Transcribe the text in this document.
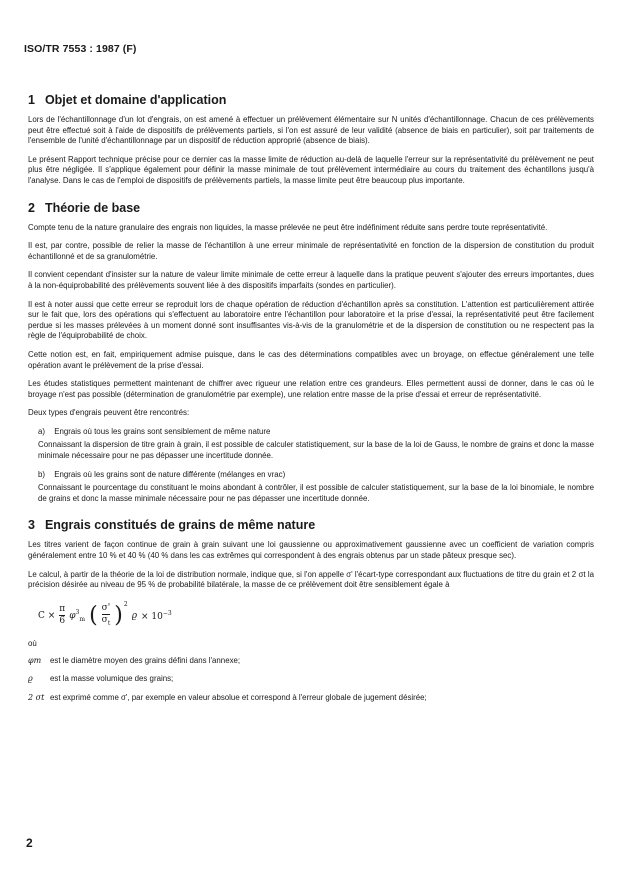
ISO/TR 7553 : 1987 (F)
1 Objet et domaine d'application

Lors de l'échantillonnage d'un lot d'engrais, on est amené à effectuer un prélèvement élémentaire sur N unités d'échantillonnage. Chacun de ces prélèvements peut être effectué soit à l'aide de dispositifs de prélèvements partiels, si l'on est assuré de leur validité (absence de biais en particulier), soit par traitements de l'ensemble de l'unité d'échantillonnage par un dispositif de réduction approprié (absence de biais).

Le présent Rapport technique précise pour ce dernier cas la masse limite de réduction au-delà de laquelle l'erreur sur la représentativité du prélèvement ne peut plus être négligée. Il s'applique également pour définir la masse minimale de tout prélèvement intermédiaire au cours du traitement des échantillons jusqu'à l'analyse. Dans le cas de l'emploi de dispositifs de prélèvements partiels, la masse limite peut être beaucoup plus importante.

2 Théorie de base

Compte tenu de la nature granulaire des engrais non liquides, la masse prélevée ne peut être indéfiniment réduite sans perdre toute représentativité.

Il est, par contre, possible de relier la masse de l'échantillon à une erreur minimale de représentativité en fonction de la dispersion de constitution du produit échantillonné et de sa granulométrie.

Il convient cependant d'insister sur la nature de valeur limite minimale de cette erreur à laquelle dans la pratique peuvent s'ajouter des erreurs importantes, dues à la non-équiprobabilité des prélèvements souvent liée à des dispositifs imparfaits (sondes en particulier).

Il est à noter aussi que cette erreur se reproduit lors de chaque opération de réduction d'échantillon après sa constitution. L'attention est particulièrement attirée sur le fait que, lors des opérations qui s'effectuent au laboratoire entre l'échantillon pour laboratoire et la prise d'essai, la représentativité peut être facilement perdue si les masses prélevées à un moment donné sont insuffisantes vis-à-vis de la granulométrie et de la dispersion de constitution ou ne respectent pas la règle de l'équiprobabilité de choix.

Cette notion est, en fait, empiriquement admise puisque, dans le cas des déterminations compatibles avec un broyage, on effectue généralement une telle opération avant le prélèvement de la prise d'essai.

Les études statistiques permettent maintenant de chiffrer avec rigueur une relation entre ces grandeurs. Elles permettent aussi de donner, dans le cas où le broyage n'est pas possible (détermination de granulométrie par exemple), une relation entre masse de la prise d'essai et erreur de représentativité.

Deux types d'engrais peuvent être rencontrés:

a) Engrais où tous les grains sont sensiblement de même nature

Connaissant la dispersion de titre grain à grain, il est possible de calculer statistiquement, sur la base de la loi de Gauss, le nombre de grains et donc la masse minimale nécessaire pour ne pas dépasser une incertitude donnée.

b) Engrais où les grains sont de nature différente (mélanges en vrac)

Connaissant le pourcentage du constituant le moins abondant à contrôler, il est possible de calculer statistiquement, sur la base de la loi binomiale, le nombre de grains et donc la masse minimale nécessaire pour ne pas dépasser une incertitude donnée.

3 Engrais constitués de grains de même nature

Les titres varient de façon continue de grain à grain suivant une loi gaussienne ou approximativement gaussienne avec un coefficient de variation compris généralement entre 10 % et 40 % (40 % dans les cas extrêmes qui correspondent à des engrais obtenus par un stade pâteux presque sec).

Le calcul, à partir de la théorie de la loi de distribution normale, indique que, si l'on appelle σ' l'écart-type correspondant aux fluctuations de titre du grain et 2 σt la précision désirée au niveau de 95 % de probabilité bilatérale, la masse de ce prélèvement doit être sensiblement égale à

$C \times \frac{\pi}{6} \varphi^3_m$ ( $\frac{\sigma'}{\sigma_t} )^2$
$ϱ \times 10^{-3}$
où
φm	est le diamètre moyen des grains défini dans l'annexe;
ϱ	est la masse volumique des grains;
2 σt est exprimé comme σ', par exemple en valeur absolue et correspond à l'erreur globale de jugement désirée;
2
